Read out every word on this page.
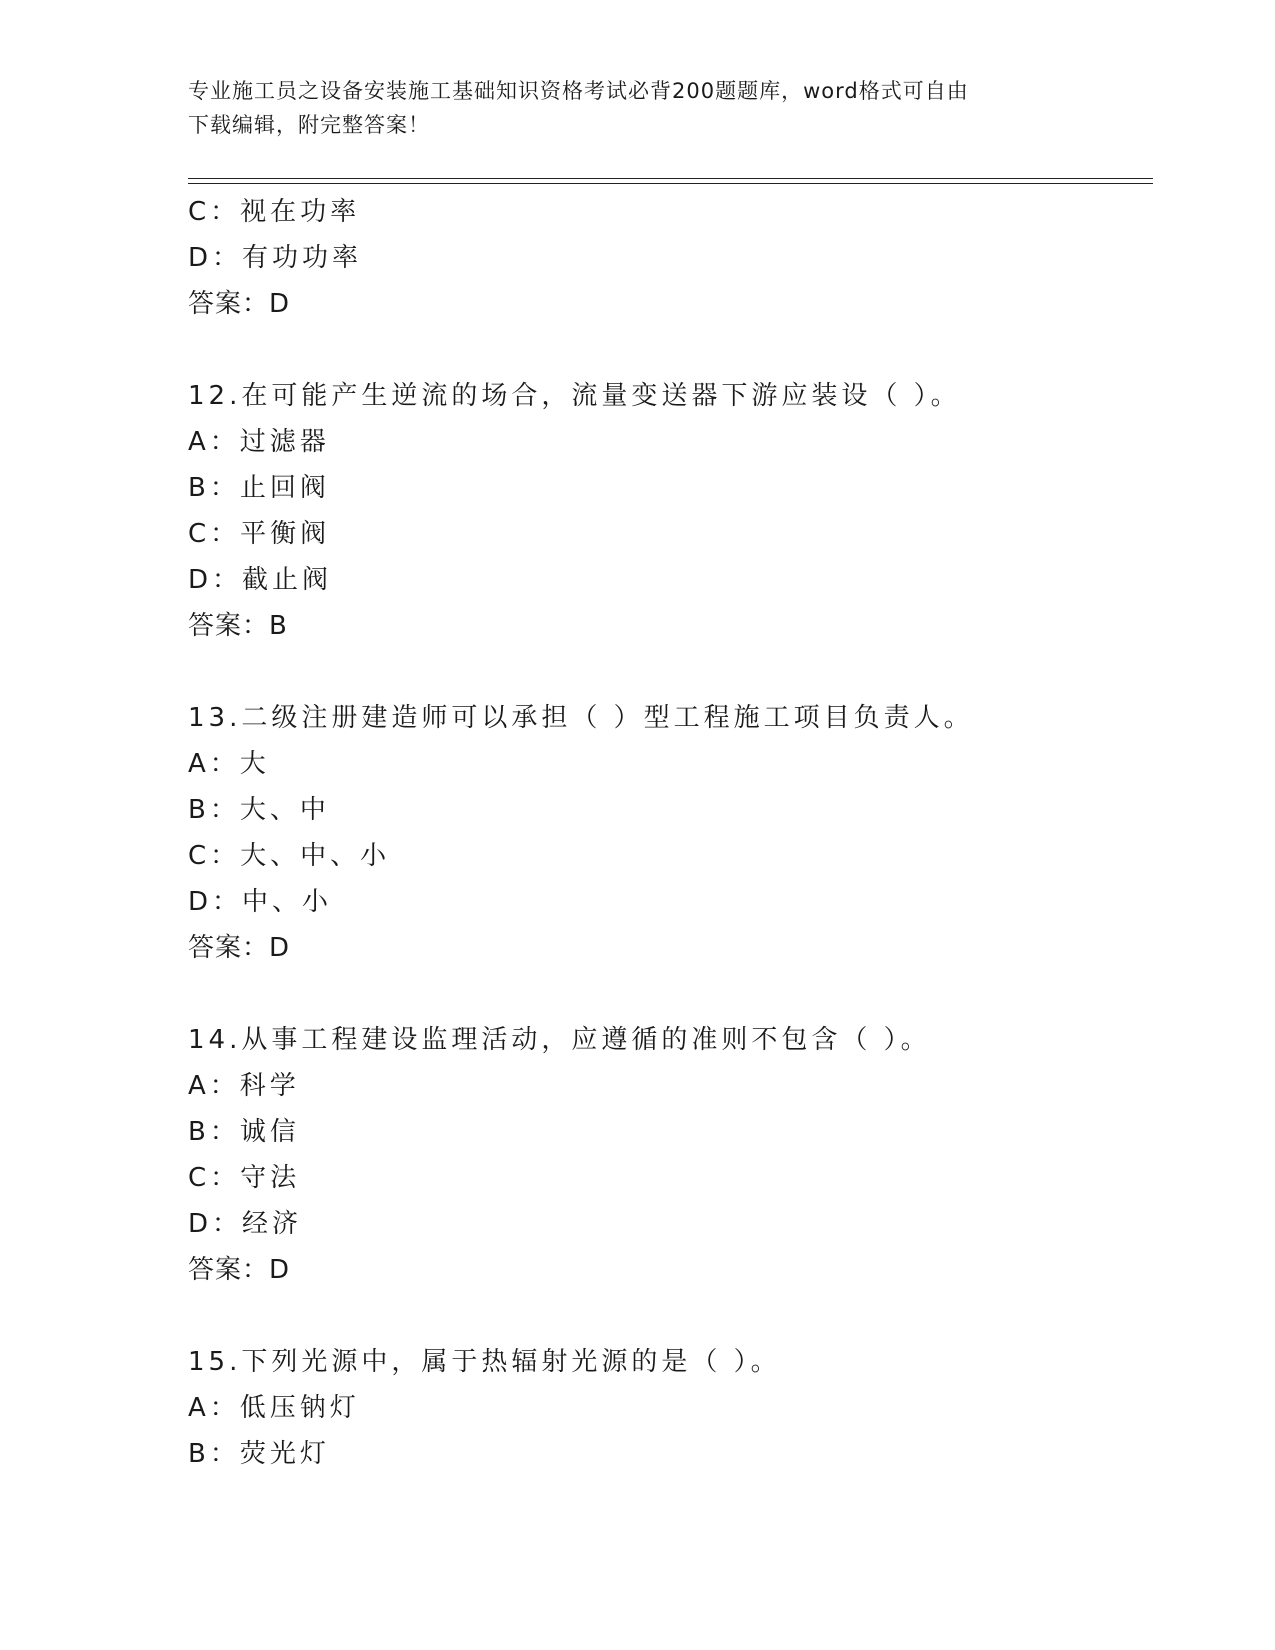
专业施工员之设备安装施工基础知识资格考试必背200题题库，word格式可自由
下载编辑，附完整答案！
C：视在功率
D：有功功率
答案：D
12.在可能产生逆流的场合，流量变送器下游应装设（ ）。
A：过滤器
B：止回阀
C：平衡阀
D：截止阀
答案：B
13.二级注册建造师可以承担（ ）型工程施工项目负责人。
A：大
B：大、中
C：大、中、小
D：中、小
答案：D
14.从事工程建设监理活动，应遵循的准则不包含（ ）。
A：科学
B：诚信
C：守法
D：经济
答案：D
15.下列光源中，属于热辐射光源的是（ ）。
A：低压钠灯
B：荧光灯
